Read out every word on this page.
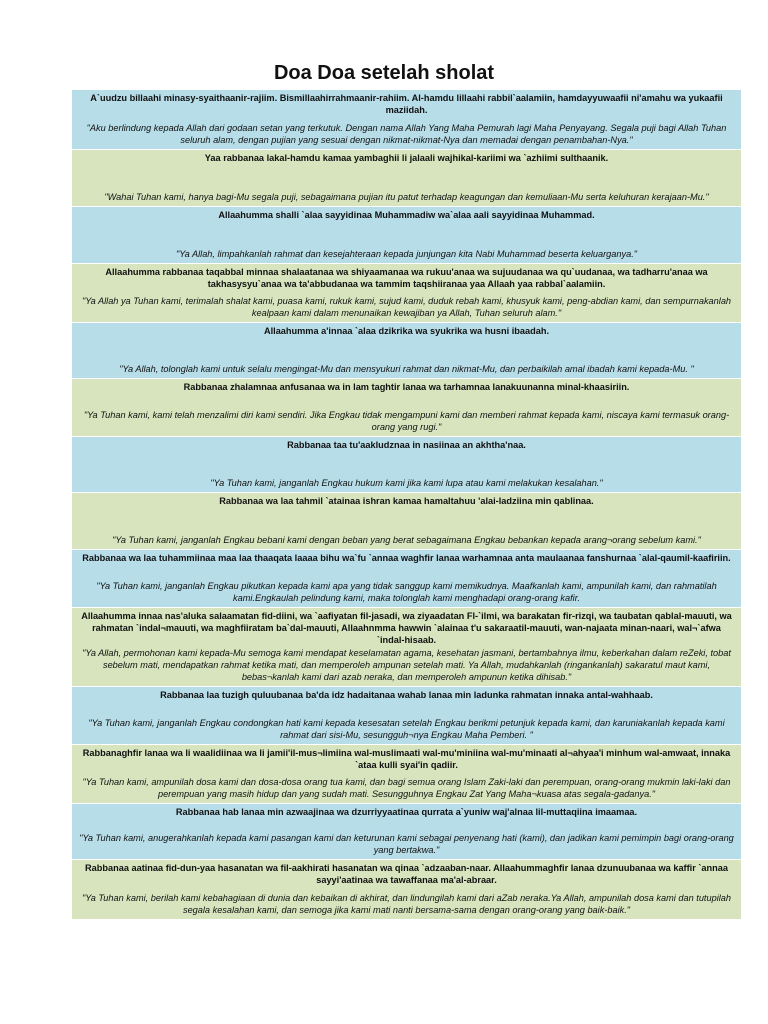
Doa Doa setelah sholat
A`uudzu billaahi minasy-syaithaanir-rajiim. Bismillaahirrahmaanir-rahiim. Al-hamdu lillaahi rabbil`aalamiin, hamdayyuwaafii ni'amahu wa yukaafii maziidah.
"Aku berlindung kepada Allah dari godaan setan yang terkutuk. Dengan nama Allah Yang Maha Pemurah lagi Maha Penyayang. Segala puji bagi Allah Tuhan seluruh alam, dengan pujian yang sesuai dengan nikmat-nikmat-Nya dan memadai dengan penambahan-Nya."
Yaa rabbanaa lakal-hamdu kamaa yambaghii li jalaali wajhikal-kariimi wa `azhiimi sulthaanik.
"Wahai Tuhan kami, hanya bagi-Mu segala puji, sebagaimana pujian itu patut terhadap keagungan dan kemuliaan-Mu serta keluhuran kerajaan-Mu."
Allaahumma shalli `alaa sayyidinaa Muhammadiw wa`alaa aali sayyidinaa Muhammad.
"Ya Allah, limpahkanlah rahmat dan kesejahteraan kepada junjungan kita Nabi Muhammad beserta keluarganya."
Allaahumma rabbanaa taqabbal minnaa shalaatanaa wa shiyaamanaa wa rukuu'anaa wa sujuudanaa wa qu`uudanaa, wa tadharru'anaa wa takhasysyu`anaa wa ta'abbudanaa wa tammim taqshiiranaa yaa Allaah yaa rabbal`aalamiin.
"Ya Allah ya Tuhan kami, terimalah shalat kami, puasa kami, rukuk kami, sujud kami, duduk rebah kami, khusyuk kami, peng-abdian kami, dan sempurnakanlah kealpaan kami dalam menunaikan kewajiban ya Allah, Tuhan seluruh alam."
Allaahumma a'innaa `alaa dzikrika wa syukrika wa husni ibaadah.
"Ya Allah, tolonglah kami untuk selalu mengingat-Mu dan mensyukuri rahmat dan nikmat-Mu, dan perbaikilah amal ibadah kami kepada-Mu. "
Rabbanaa zhalamnaa anfusanaa wa in lam taghtir lanaa wa tarhamnaa lanakuunanna minal-khaasiriin.
"Ya Tuhan kami, kami telah menzalimi diri kami sendiri. Jika Engkau tidak mengampuni kami dan memberi rahmat kepada kami, niscaya kami termasuk orang-orang yang rugi."
Rabbanaa taa tu'aakludznaa in nasiinaa an akhtha'naa.
"Ya Tuhan kami, janganlah Engkau hukum kami jika kami lupa atau kami melakukan kesalahan."
Rabbanaa wa laa tahmil `atainaa ishran kamaa hamaltahuu 'alai-ladziina min qablinaa.
"Ya Tuhan kami, janganlah Engkau bebani kami dengan beban yang berat sebagaimana Engkau bebankan kepada arang¬orang sebelum kami."
Rabbanaa wa laa tuhammiinaa maa laa thaaqata laaaa bihu wa`fu `annaa waghfir lanaa warhamnaa anta maulaanaa fanshurnaa `alal-qaumil-kaafiriin.
"Ya Tuhan kami, janganlah Engkau pikutkan kepada kami apa yang tidak sanggup kami memikudnya. Maafkanlah kami, ampunilah kami, dan rahmatilah kami.Engkaulah pelindung kami, maka tolonglah kami menghadapi orang-orang kafir.
Allaahumma innaa nas'aluka salaamatan fid-diini, wa `aafiyatan fil-jasadi, wa ziyaadatan Fl-`ilmi, wa barakatan fir-rizqi, wa taubatan qablal-mauuti, wa rahmatan `indal¬mauuti, wa maghfiiratam ba`dal-mauuti, Allaahnmma hawwin `alainaa t'u sakaraatil-mauuti, wan-najaata minan-naari, wal¬`afwa `indal-hisaab.
"Ya Allah, permohonan kami kepada-Mu semoga kami mendapat keselamatan agama, kesehatan jasmani, bertambahnya ilmu, keberkahan dalam reZeki, tobat sebelum mati, mendapatkan rahmat ketika mati, dan memperoleh ampunan setelah mati. Ya Allah, mudahkanlah (ringankanlah) sakaratul maut kami, bebas¬kanlah kami dari azab neraka, dan memperoleh ampunun ketika dihisab."
Rabbanaa laa tuzigh quluubanaa ba'da idz hadaitanaa wahab lanaa min ladunka rahmatan innaka antal-wahhaab.
"Ya Tuhan kami, janganlah Engkau condongkan hati kami kepada kesesatan setelah Engkau berikmi petunjuk kepada kami, dan karuniakanlah kepada kami rahmat dari sisi-Mu, sesungguh¬nya Engkau Maha Pemberi. "
Rabbanaghfir lanaa wa li waalidiinaa wa li jamii'il-mus¬limiina wal-muslimaati wal-mu'miniina wal-mu'minaati al¬ahyaa'i minhum wal-amwaat, innaka `ataa kulli syai'in qadiir.
"Ya Tuhan kami, ampunilah dosa kami dan dosa-dosa orang tua kami, dan bagi semua orang Islam Zaki-laki dan perempuan, orang-orang mukmin laki-laki dan perempuan yang masih hidup dan yang sudah mati. Sesungguhnya Engkau Zat Yang Maha¬kuasa atas segala-gadanya."
Rabbanaa hab lanaa min azwaajinaa wa dzurriyyaatinaa qurrata a`yuniw waj'alnaa lil-muttaqiina imaamaa.
"Ya Tuhan kami, anugerahkanlah kepada kami pasangan kami dan keturunan kami sebagai penyenang hati (kami), dan jadikan kami pemimpin bagi orang-orang yang bertakwa."
Rabbanaa aatinaa fid-dun-yaa hasanatan wa fil-aakhirati hasanatan wa qinaa `adzaaban-naar. Allaahummaghfir lanaa dzunuubanaa wa kaffir `annaa sayyi'aatinaa wa tawaffanaa ma'al-abraar.
"Ya Tuhan kami, berilah kami kebahagiaan di dunia dan kebaikan di akhirat, dan lindungilah kami dari aZab neraka.Ya Allah, ampunilah dosa kami dan tutupilah segala kesalahan kami, dan semoga jika kami mati nanti bersama-sama dengan orang-orang yang baik-baik."
